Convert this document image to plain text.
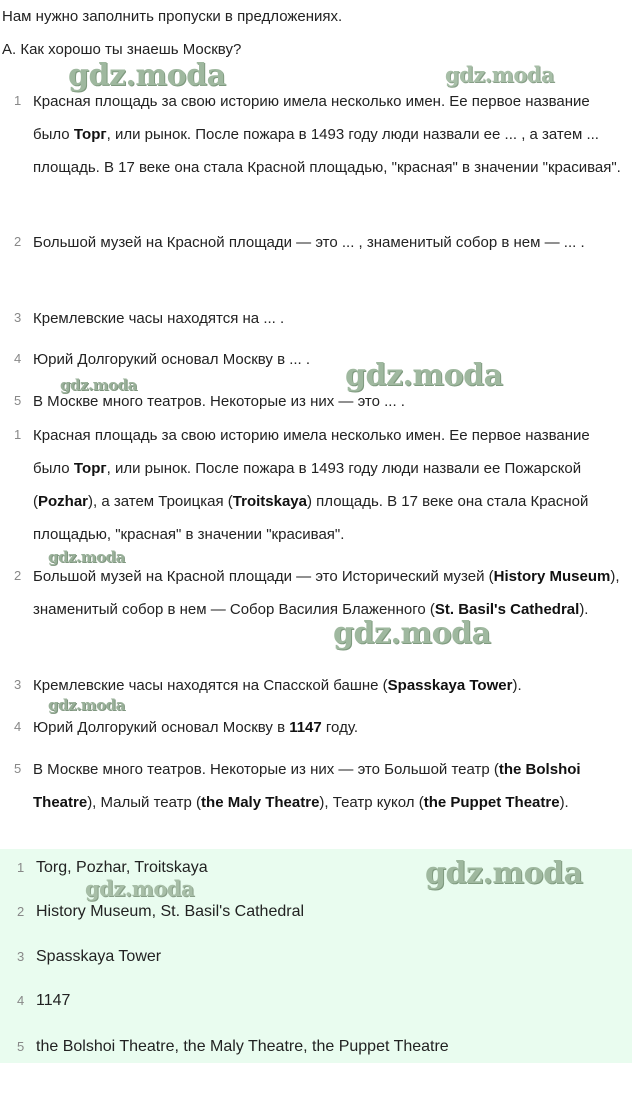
Нам нужно заполнить пропуски в предложениях.
A. Как хорошо ты знаешь Москву?
1 Красная площадь за свою историю имела несколько имен. Ее первое название было Торг, или рынок. После пожара в 1493 году люди назвали ее ... , а затем ... площадь. В 17 веке она стала Красной площадью, "красная" в значении "красивая".
2 Большой музей на Красной площади — это ... , знаменитый собор в нем — ... .
3 Кремлевские часы находятся на ... .
4 Юрий Долгорукий основал Москву в ... .
5 В Москве много театров. Некоторые из них — это ... .
1 Красная площадь за свою историю имела несколько имен. Ее первое название было Торг, или рынок. После пожара в 1493 году люди назвали ее Пожарской (Pozhar), а затем Троицкая (Troitskaya) площадь. В 17 веке она стала Красной площадью, "красная" в значении "красивая".
2 Большой музей на Красной площади — это Исторический музей (History Museum), знаменитый собор в нем — Собор Василия Блаженного (St. Basil's Cathedral).
3 Кремлевские часы находятся на Спасской башне (Spasskaya Tower).
4 Юрий Долгорукий основал Москву в 1147 году.
5 В Москве много театров. Некоторые из них — это Большой театр (the Bolshoi Theatre), Малый театр (the Maly Theatre), Театр кукол (the Puppet Theatre).
1 Torg, Pozhar, Troitskaya
2 History Museum, St. Basil's Cathedral
3 Spasskaya Tower
4 1147
5 the Bolshoi Theatre, the Maly Theatre, the Puppet Theatre
gdz.moda	gdz.moda
gdz.moda
gdz.moda
gdz.moda
gdz.moda
gdz.moda
gdz.moda
gdz.moda
